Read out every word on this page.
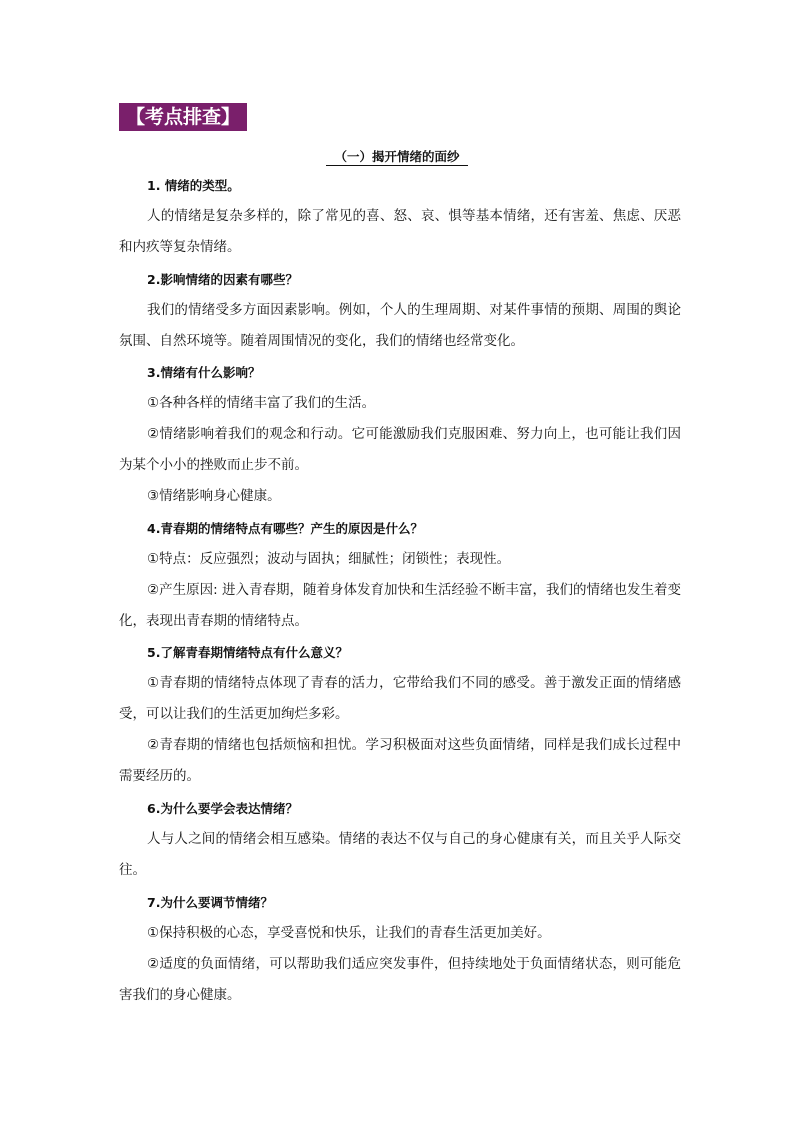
【考点排查】
（一）揭开情绪的面纱

1. 情绪的类型。

人的情绪是复杂多样的，除了常见的喜、怒、哀、惧等基本情绪，还有害羞、焦虑、厌恶和内疚等复杂情绪。

2.影响情绪的因素有哪些？

我们的情绪受多方面因素影响。例如，个人的生理周期、对某件事情的预期、周围的舆论氛围、自然环境等。随着周围情况的变化，我们的情绪也经常变化。

3.情绪有什么影响？

①各种各样的情绪丰富了我们的生活。

②情绪影响着我们的观念和行动。它可能激励我们克服困难、努力向上，也可能让我们因为某个小小的挫败而止步不前。

③情绪影响身心健康。

4.青春期的情绪特点有哪些？产生的原因是什么？

①特点：反应强烈；波动与固执；细腻性；闭锁性；表现性。

②产生原因: 进入青春期，随着身体发育加快和生活经验不断丰富，我们的情绪也发生着变化，表现出青春期的情绪特点。

5.了解青春期情绪特点有什么意义？

①青春期的情绪特点体现了青春的活力，它带给我们不同的感受。善于激发正面的情绪感受，可以让我们的生活更加绚烂多彩。

②青春期的情绪也包括烦恼和担忧。学习积极面对这些负面情绪，同样是我们成长过程中需要经历的。

6.为什么要学会表达情绪？

人与人之间的情绪会相互感染。情绪的表达不仅与自己的身心健康有关，而且关乎人际交往。

7.为什么要调节情绪？

①保持积极的心态，享受喜悦和快乐，让我们的青春生活更加美好。

②适度的负面情绪，可以帮助我们适应突发事件，但持续地处于负面情绪状态，则可能危害我们的身心健康。
